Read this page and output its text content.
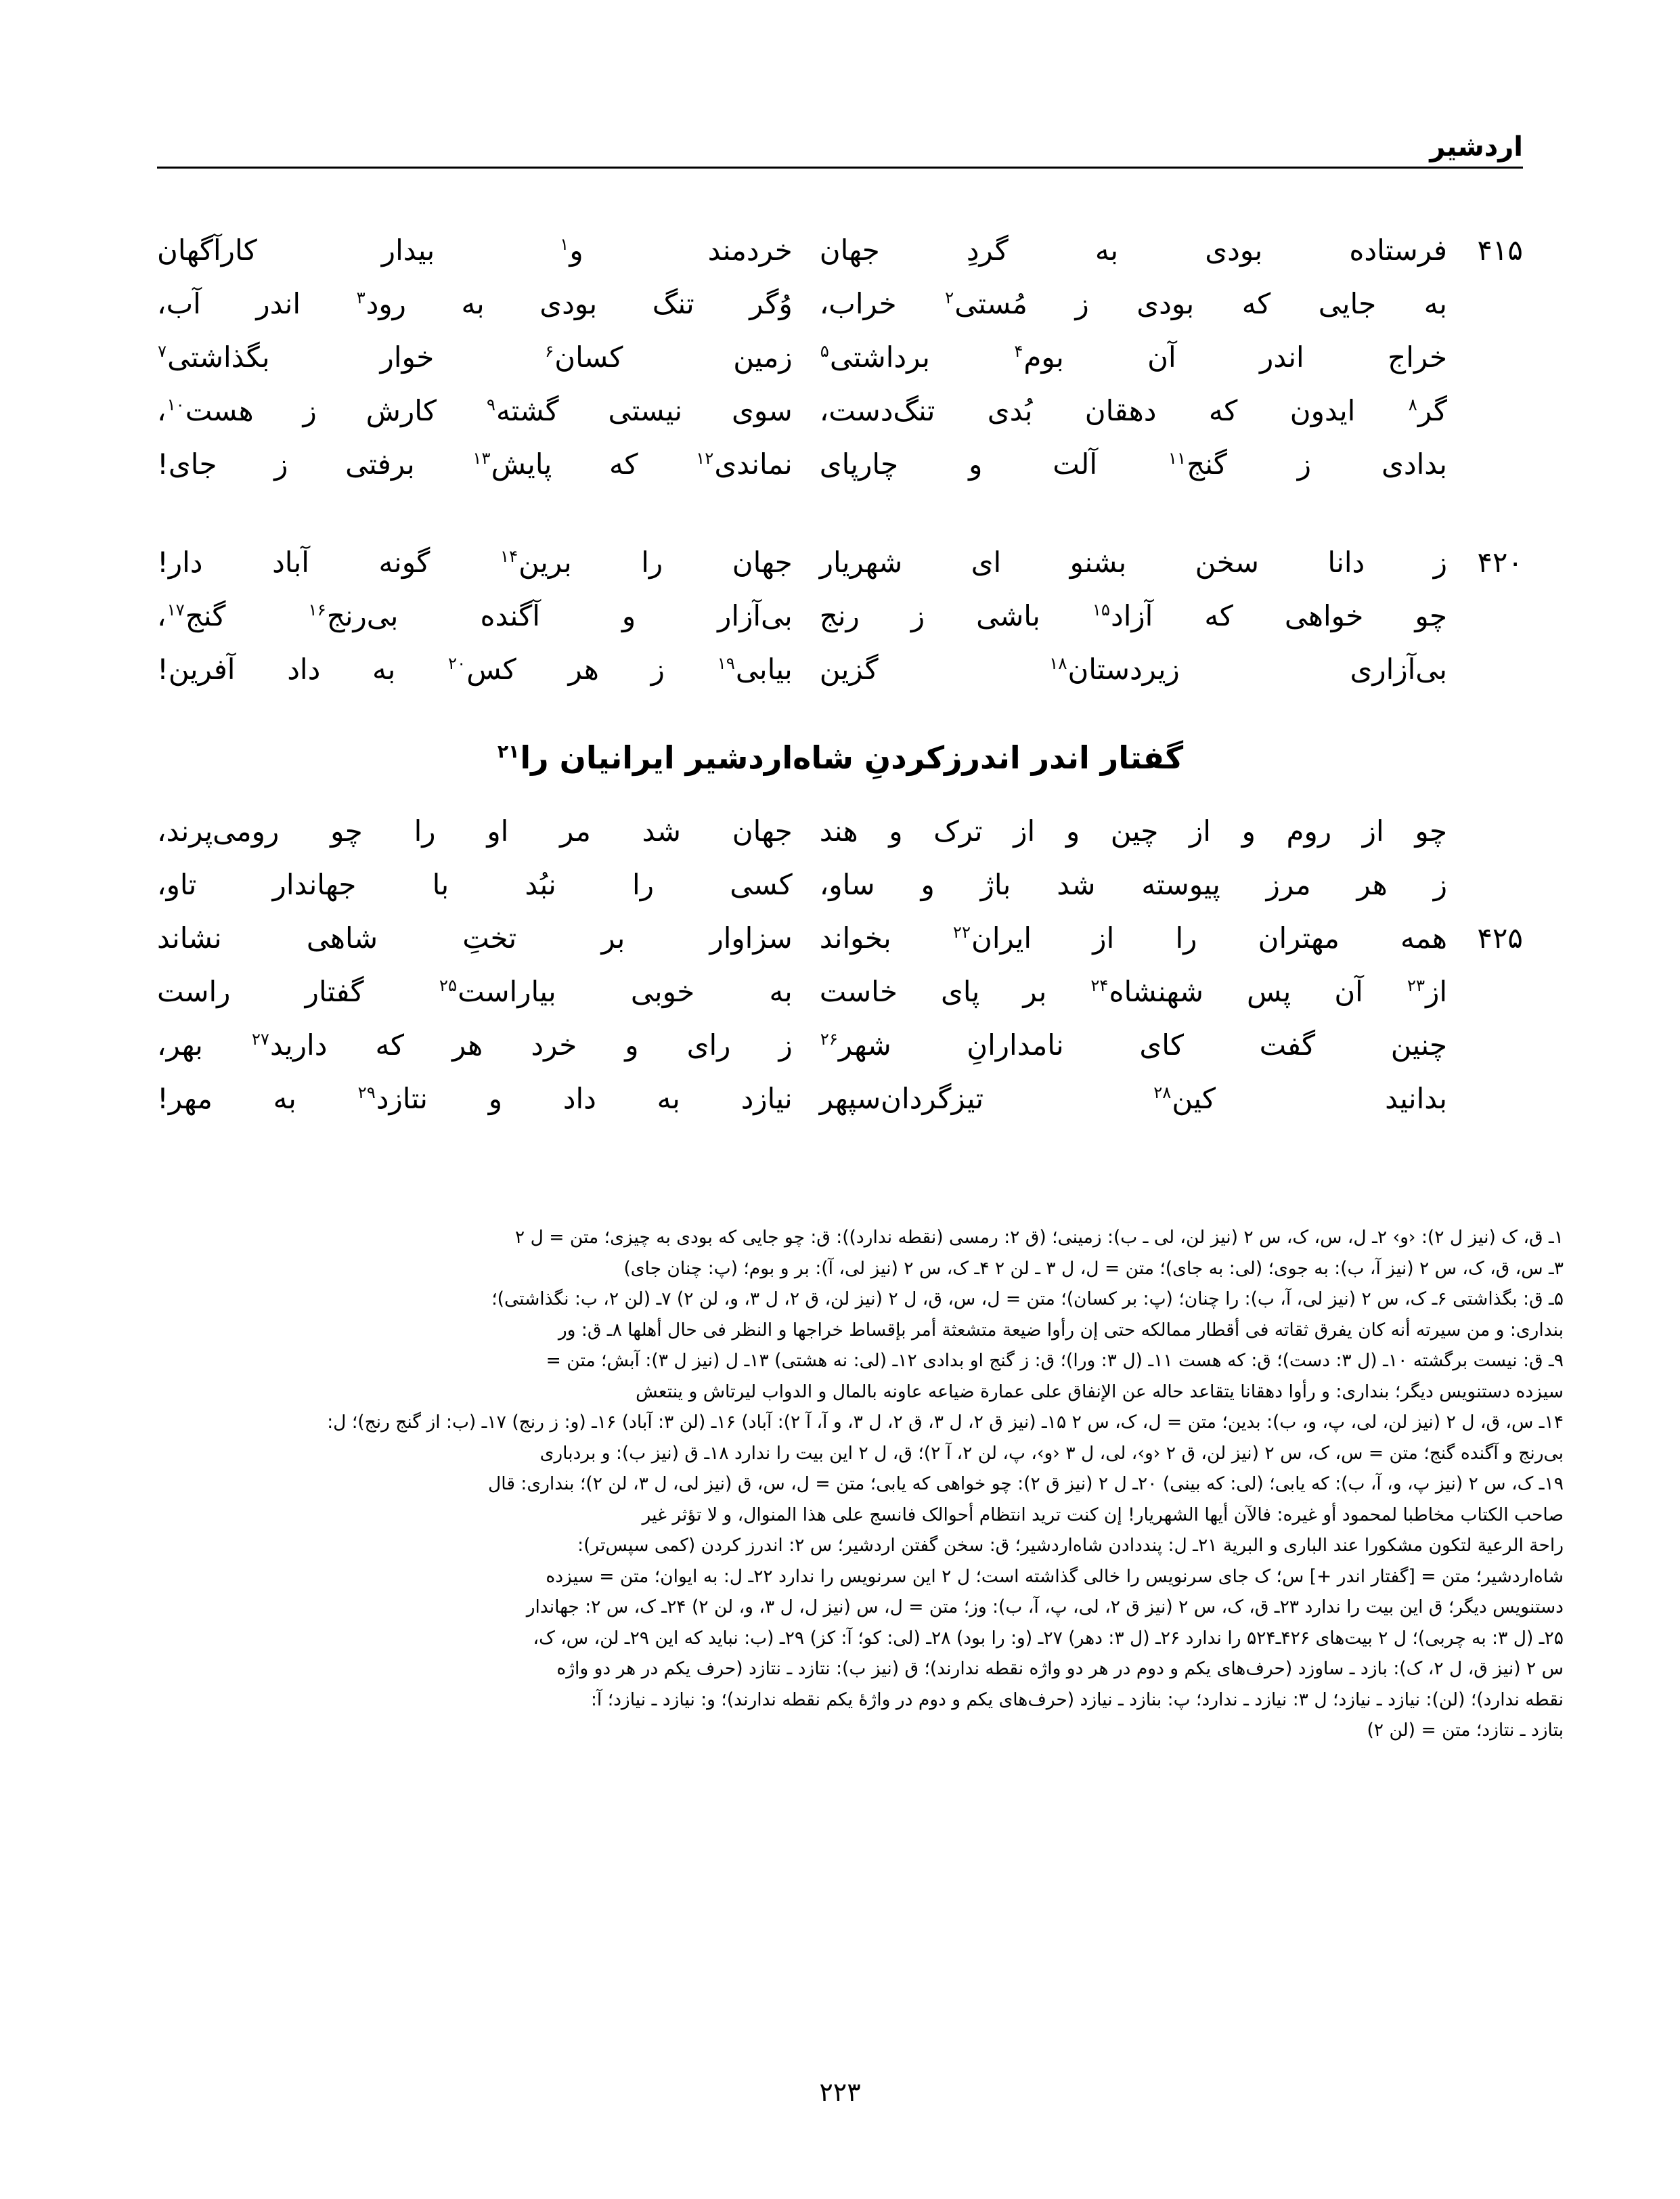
اردشیر
۴۱۵
فرستاده بودی به گردِ جهان
خردمند و$^۱$ بیدار کارآگهان
به جایی که بودی ز مُستی$^۲$ خراب،
وُگر تنگ بودی به رود$^۳$ اندر آب،
خراج اندر آن بوم$^۴$ برداشتی$^۵$
زمین کسان$^۶$ خوار بگذاشتی$^۷$
گر$^۸$ ایدون که دهقان بُدی تنگ‌دست،
سوی نیستی گشته$^۹$ کارش ز هست$^{۱۰}$،
بدادی ز گنج$^{۱۱}$ آلت و چارپای
نماندی$^{۱۲}$ که پایش$^{۱۳}$ برفتی ز جای!
۴۲۰
ز دانا سخن بشنو ای شهریار
جهان را برین$^{۱۴}$ گونه آباد دار!
چو خواهی که آزاد$^{۱۵}$ باشی ز رنج
بی‌آزار و آگنده بی‌رنج$^{۱۶}$ گنج$^{۱۷}$،
بی‌آزاری زیردستان$^{۱۸}$ گزین
بیابی$^{۱۹}$ ز هر کس$^{۲۰}$ به داد آفرین!
چو از روم و از چین و از ترک و هند
جهان شد مر او را چو رومی‌پرند،
ز هر مرز پیوسته شد باژ و ساو،
کسی را نبُد با جهاندار تاو،
۴۲۵
همه مهتران را از ایران$^{۲۲}$ بخواند
سزاوار بر تختِ شاهی نشاند
از$^{۲۳}$ آن پس شهنشاه$^{۲۴}$ بر پای خاست
به خوبی بیاراست$^{۲۵}$ گفتار راست
چنین گفت کای نامدارانِ شهر$^{۲۶}$
ز رای و خرد هر که دارید$^{۲۷}$ بهر،
بدانید کین$^{۲۸}$ تیزگردان‌سپهر
نیازد به داد و نتازد$^{۲۹}$ به مهر!
گفتار اندر اندرزکردنِ شاه‌اردشیر ایرانیان را$^{۲۱}$

۱ـ ق، ک (نیز ل ۲): ‹و› ۲ـ ل، س، ک، س ۲ (نیز لن، لی ـ ب): زمینی؛ (ق ۲: رمسی (نقطه ندارد)): ق: چو جایی که بودی به چیزی؛ متن = ل ۲

۳ـ س، ق، ک، س ۲ (نیز آ، ب): به جوی؛ (لی: به جای)؛ متن = ل، ل ۳ ـ لن ۲ ۴ـ ک، س ۲ (نیز لی، آ): بر و بوم؛ (پ: چنان جای)

۵ـ ق: بگذاشتی ۶ـ ک، س ۲ (نیز لی، آ، ب): را چنان؛ (پ: بر کسان)؛ متن = ل، س، ق، ل ۲ (نیز لن، ق ۲، ل ۳، و، لن ۲) ۷ـ (لن ۲، ب: نگذاشتی)؛

بنداری: و من سیرته أنه کان یفرق ثقاته فی أقطار ممالکه حتی إن رأوا ضیعة متشعثة أمر بإقساط خراجها و النظر فی حال أهلها ۸ـ ق: ور

۹ـ ق: نیست برگشته ۱۰ـ (ل ۳: دست)؛ ق: که هست ۱۱ـ (ل ۳: ورا)؛ ق: ز گنج او بدادی ۱۲ـ (لی: نه هشتی) ۱۳ـ ل (نیز ل ۳): آبش؛ متن =

سیزده دستنویس دیگر؛ بنداری: و رأوا دهقانا یتقاعد حاله عن الإنفاق علی عمارة ضیاعه عاونه بالمال و الدواب لیرتاش و ینتعش

۱۴ـ س، ق، ل ۲ (نیز لن، لی، پ، و، ب): بدین؛ متن = ل، ک، س ۲ ۱۵ـ (نیز ق ۲، ل ۳، ق ۲، ل ۳، و آ، آ ۲): آباد) ۱۶ـ (لن ۳: آباد) ۱۶ـ (و: ز رنج) ۱۷ـ (ب: از گنج رنج)؛ ل:

بی‌رنج و آگنده گنج؛ متن = س، ک، س ۲ (نیز لن، ق ۲ ‹و›، لی، ل ۳ ‹و›، پ، لن ۲، آ ۲)؛ ق، ل ۲ این بیت را ندارد ۱۸ـ ق (نیز ب): و بردباری

۱۹ـ ک، س ۲ (نیز پ، و، آ، ب): که یابی؛ (لی: که بینی) ۲۰ـ ل ۲ (نیز ق ۲): چو خواهی که یابی؛ متن = ل، س، ق (نیز لی، ل ۳، لن ۲)؛ بنداری: قال

صاحب الکتاب مخاطبا لمحمود أو غیره: فالآن أیها الشهریار! إن کنت ترید انتظام أحوالک فانسج علی هذا المنوال، و لا تؤثر غیر

راحة الرعیة لتکون مشکورا عند الباری و البریة ۲۱ـ ل: پنددادن شاه‌اردشیر؛ ق: سخن گفتن اردشیر؛ س ۲: اندرز کردن (کمی سپس‌تر):

شاه‌اردشیر؛ متن = [گفتار اندر +] س؛ ک جای سرنویس را خالی گذاشته است؛ ل ۲ این سرنویس را ندارد ۲۲ـ ل: به ایوان؛ متن = سیزده

دستنویس دیگر؛ ق این بیت را ندارد ۲۳ـ ق، ک، س ۲ (نیز ق ۲، لی، پ، آ، ب): وز؛ متن = ل، س (نیز ل، ل ۳، و، لن ۲) ۲۴ـ ک، س ۲: جهاندار

۲۵ـ (ل ۳: به چربی)؛ ل ۲ بیت‌های ۴۲۶ـ۵۲۴ را ندارد ۲۶ـ (ل ۳: دهر) ۲۷ـ (و: را بود) ۲۸ـ (لی: کو؛ آ: کز) ۲۹ـ (ب: نباید که این ۲۹ـ لن، س، ک،

س ۲ (نیز ق، ل ۲، ک): بازد ـ ساوزد (حرف‌های یکم و دوم در هر دو واژه نقطه ندارند)؛ ق (نیز ب): نتازد ـ نتازد (حرف یکم در هر دو واژه

نقطه ندارد)؛ (لن): نیازد ـ نیازد؛ ل ۳: نیازد ـ ندارد؛ پ: بنازد ـ نیازد (حرف‌های یکم و دوم در واژۀ یکم نقطه ندارند)؛ و: نیازد ـ نیازد؛ آ:

بتازد ـ نتازد؛ متن = (لن ۲)

۲۲۳
